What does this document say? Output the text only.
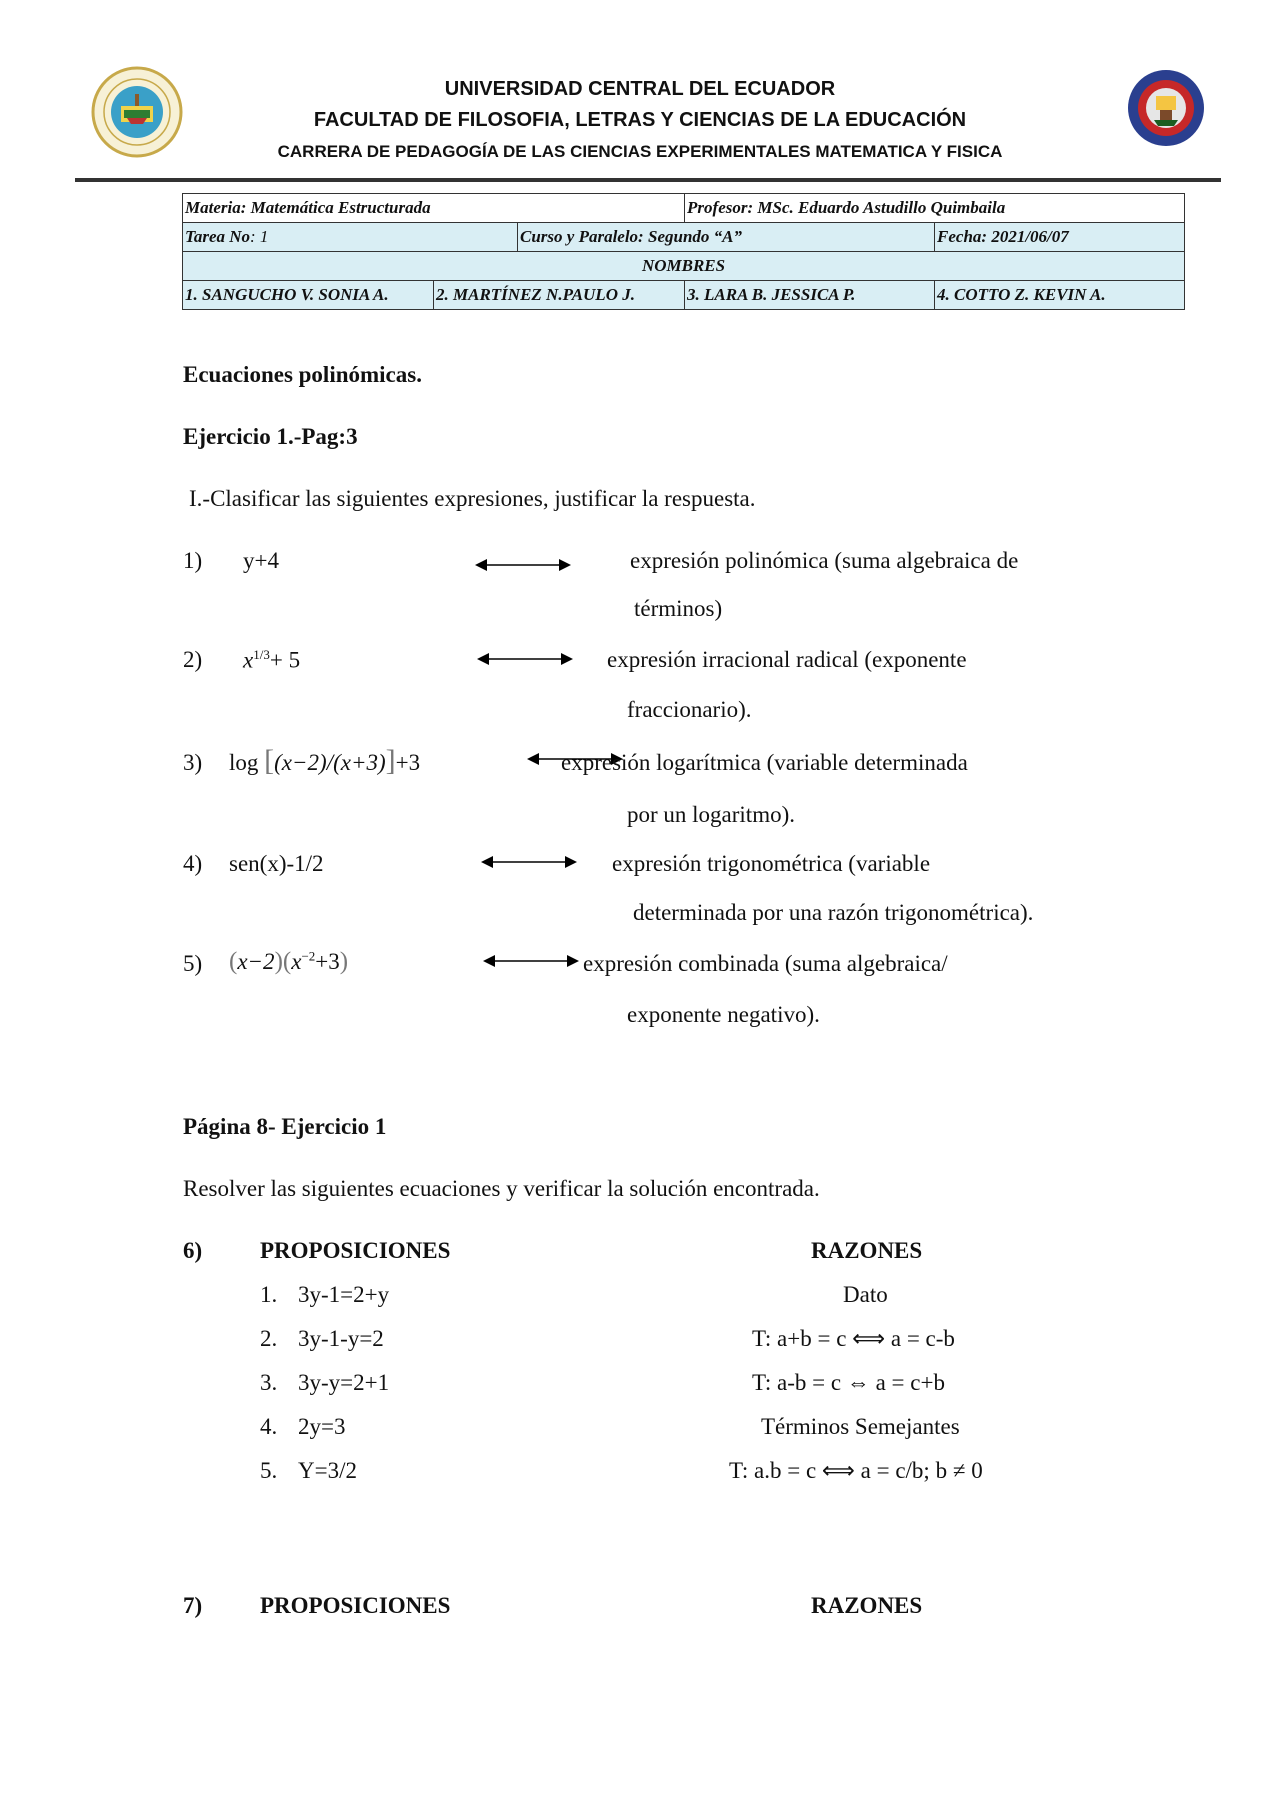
UNIVERSIDAD CENTRAL DEL ECUADOR
FACULTAD DE FILOSOFIA, LETRAS Y CIENCIAS DE LA EDUCACIÓN
CARRERA DE PEDAGOGÍA DE LAS CIENCIAS EXPERIMENTALES MATEMATICA Y FISICA
Materia: Matemática Estructurada			Profesor: MSc. Eduardo Astudillo Quimbaila	
Tarea No: 1		Curso y Paralelo: Segundo “A”		Fecha: 2021/06/07
NOMBRES				
1. SANGUCHO V. SONIA A.	2. MARTÍNEZ N.PAULO J.		3. LARA B. JESSICA P.	4. COTTO Z. KEVIN A.
Ecuaciones polinómicas.
Ejercicio 1.-Pag:3
I.-Clasificar las siguientes expresiones, justificar la respuesta.
1) y+4	expresión polinómica (suma algebraica de
términos)
2) $x^{1/3}+ 5$	expresión irracional radical (exponente
fraccionario).
3) log [(x−2)/(x+3)]+3	expresión logarítmica (variable determinada
por un logaritmo).
4) sen(x)-1/2	expresión trigonométrica (variable
determinada por una razón trigonométrica).
5) $(x-2)(x^{-2}+3)$	expresión combinada (suma algebraica/
exponente negativo).
Página 8- Ejercicio 1
Resolver las siguientes ecuaciones y verificar la solución encontrada.
6)	PROPOSICIONES	RAZONES
1. 3y-1=2+y	Dato
2. 3y-1-y=2	T: a+b = c ⟺ a = c-b
3. 3y-y=2+1	T: a-b = c ⇔ a = c+b
4. 2y=3	Términos Semejantes
5. Y=3/2	T: a.b = c ⟺ a = c/b; b ≠ 0
7)	PROPOSICIONES	RAZONES
